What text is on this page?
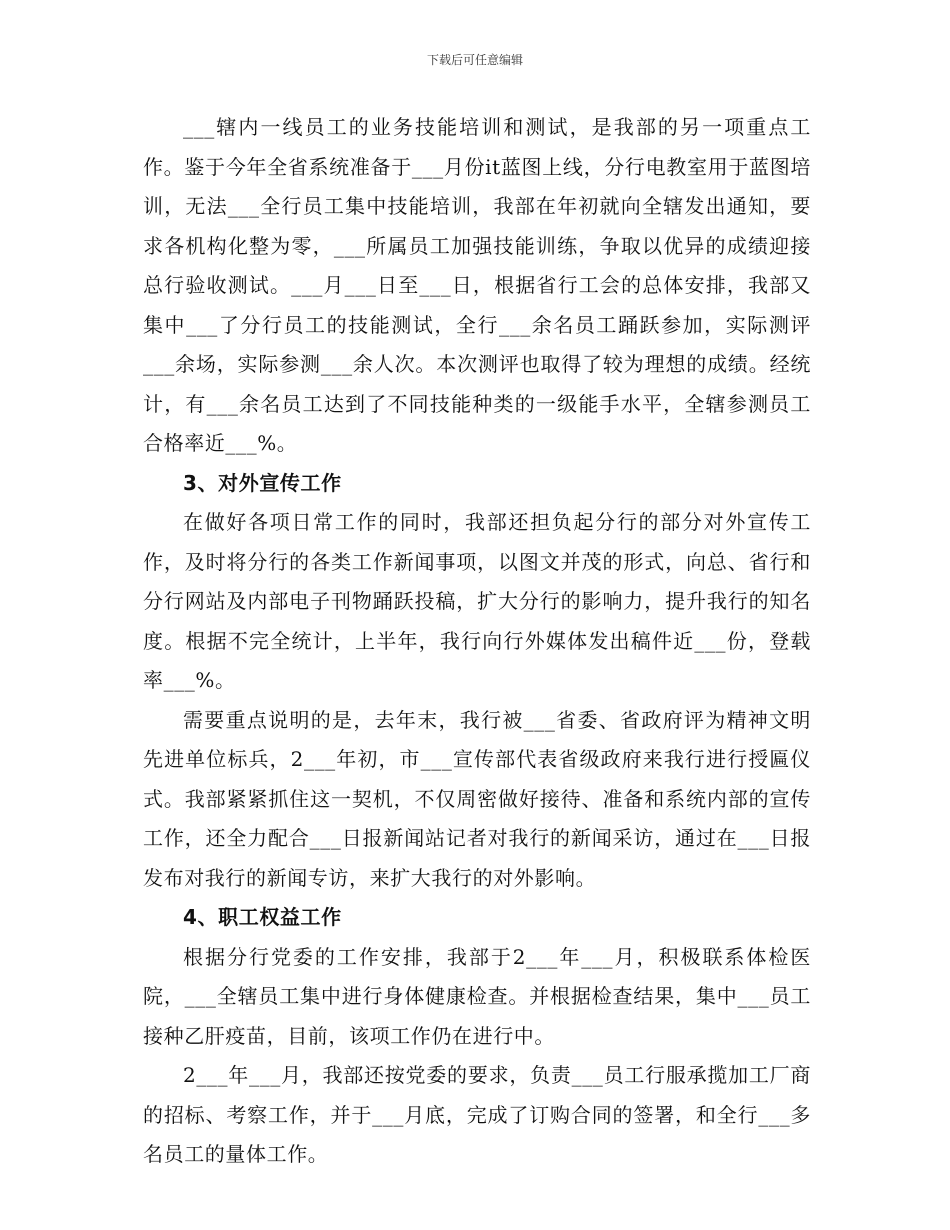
下载后可任意编辑

___辖内一线员工的业务技能培训和测试，是我部的另一项重点工作。鉴于今年全省系统准备于___月份it蓝图上线，分行电教室用于蓝图培训，无法___全行员工集中技能培训，我部在年初就向全辖发出通知，要求各机构化整为零，___所属员工加强技能训练，争取以优异的成绩迎接总行验收测试。___月___日至___日，根据省行工会的总体安排，我部又集中___了分行员工的技能测试，全行___余名员工踊跃参加，实际测评___余场，实际参测___余人次。本次测评也取得了较为理想的成绩。经统计，有___余名员工达到了不同技能种类的一级能手水平，全辖参测员工合格率近___%。

3、对外宣传工作

在做好各项日常工作的同时，我部还担负起分行的部分对外宣传工作，及时将分行的各类工作新闻事项，以图文并茂的形式，向总、省行和分行网站及内部电子刊物踊跃投稿，扩大分行的影响力，提升我行的知名度。根据不完全统计，上半年，我行向行外媒体发出稿件近___份，登载率___%。

需要重点说明的是，去年末，我行被___省委、省政府评为精神文明先进单位标兵，2___年初，市___宣传部代表省级政府来我行进行授匾仪式。我部紧紧抓住这一契机，不仅周密做好接待、准备和系统内部的宣传工作，还全力配合___日报新闻站记者对我行的新闻采访，通过在___日报发布对我行的新闻专访，来扩大我行的对外影响。

4、职工权益工作

根据分行党委的工作安排，我部于2___年___月，积极联系体检医院，___全辖员工集中进行身体健康检查。并根据检查结果，集中___员工接种乙肝疫苗，目前，该项工作仍在进行中。

2___年___月，我部还按党委的要求，负责___员工行服承揽加工厂商的招标、考察工作，并于___月底，完成了订购合同的签署，和全行___多名员工的量体工作。
